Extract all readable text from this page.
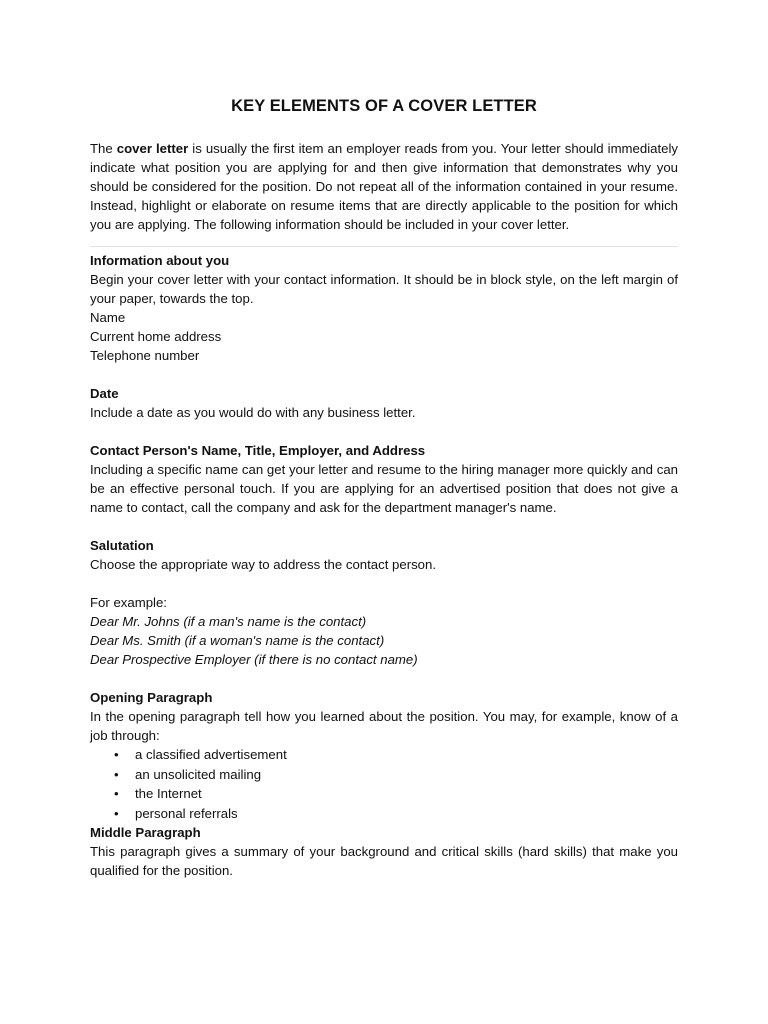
KEY ELEMENTS OF A COVER LETTER

The cover letter is usually the first item an employer reads from you. Your letter should immediately indicate what position you are applying for and then give information that demonstrates why you should be considered for the position. Do not repeat all of the information contained in your resume. Instead, highlight or elaborate on resume items that are directly applicable to the position for which you are applying. The following information should be included in your cover letter.

Information about you

Begin your cover letter with your contact information. It should be in block style, on the left margin of your paper, towards the top.

Name
Current home address
Telephone number
Date

Include a date as you would do with any business letter.

Contact Person's Name, Title, Employer, and Address

Including a specific name can get your letter and resume to the hiring manager more quickly and can be an effective personal touch. If you are applying for an advertised position that does not give a name to contact, call the company and ask for the department manager's name.

Salutation

Choose the appropriate way to address the contact person.

For example:
Dear Mr. Johns (if a man's name is the contact)
Dear Ms. Smith (if a woman's name is the contact)
Dear Prospective Employer (if there is no contact name)
Opening Paragraph

In the opening paragraph tell how you learned about the position. You may, for example, know of a job through:

• a classified advertisement
• an unsolicited mailing
• the Internet
• personal referrals
Middle Paragraph

This paragraph gives a summary of your background and critical skills (hard skills) that make you qualified for the position.
